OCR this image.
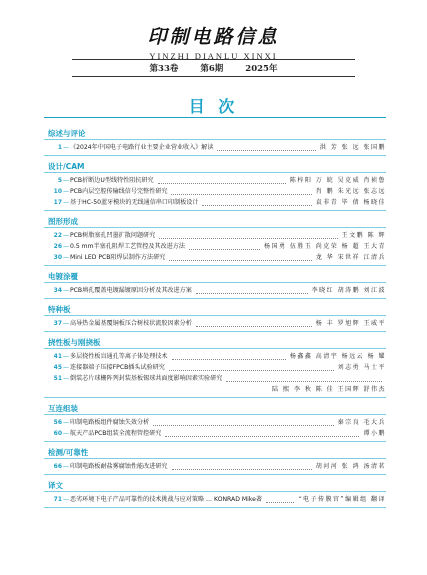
印制电路信息
YINZHI DIANLU XINXI
第33卷	第6期	2025年
目 次
综述与评论
1 — 《2024年中国电子电路行业主要企业营业收入》解读	洪 芳 张 远 张国鹏
设计/CAM
5 — PCB折断边U型线特性阻抗研究	陈梓阳 万 皖 吴克威 肖祯鲁
10 — PCB内层空腔传输线信号完整性研究	肖 鹏 朱光远 张志远
17 — 基于HC-50蓝牙模块的无线通信串口印制板设计	袁非青 毕 倩 杨晓佳
图形形成
22 — PCB树脂塞孔凹墨扩散问题研究	王文鹏 陈 辉
26 — 0.5 mm半塞孔阻焊工艺管控及其改进方法	杨国勇 伍胜玉 尚克荣 杨 超 王大青
30 — Mini LED PCB阻焊层制作方法研究	龙 华 宋世祥 江清兵
电镀涂覆
34 — PCB填孔覆盖电镀漏镀原因分析及其改进方案	李晓红 胡涛鹏 刘江波
特种板
37 — 高导热金属基覆铜板压合树枝状流胶因素分析	杨 丰 罗旭辉 王威平
挠性板与刚挠板
41 — 多层挠性板盲通孔等离子体处理技术	杨鑫鑫 高清宇 杨远云 杨 耀
45 — 连接器端子压接FPCB插头试验研究	刘志勇 马士平
51 — 倒装芯片球栅阵列封装基板锡球共面度影响因素实验研究
陆 熙 李 秋 陈 佳 王国辉 舒伟杰
互连组装
56 — 印制电路板组件腐蚀失效分析	秦宗良 毛大兵
60 — 航天产品PCB组装全流程管控研究	谭小鹏
检测/可靠性
66 — 印制电路板耐盐雾腐蚀性能改进研究	胡河河 张 鸿 汤清茗
译文
71 — 恶劣环境下电子产品可靠性的技术挑战与应对策略 … KONRAD Mike著	“电子传膜官”编辑组 翻译
